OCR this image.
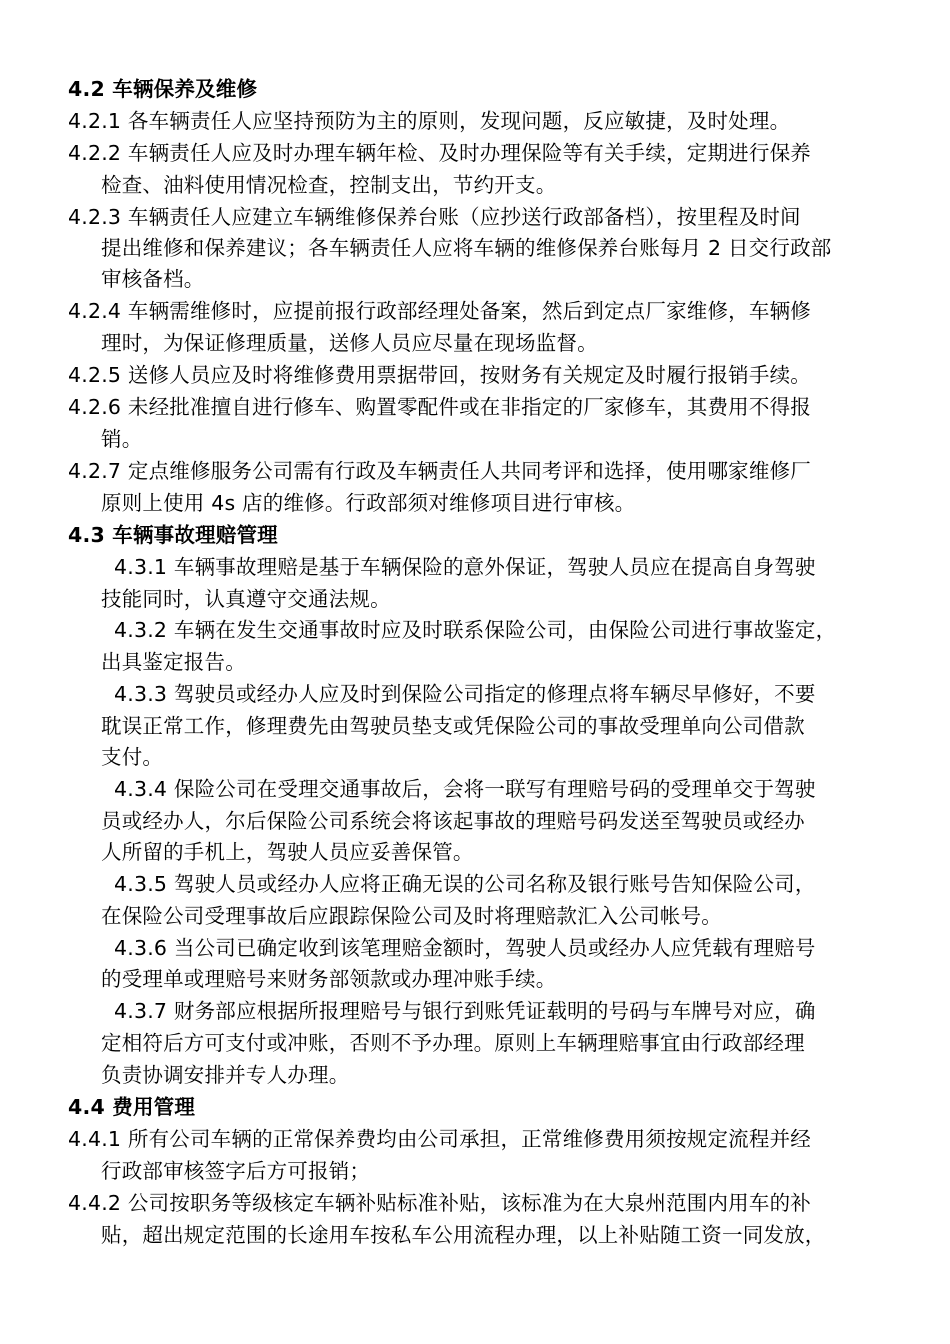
4.2 车辆保养及维修
4.2.1 各车辆责任人应坚持预防为主的原则，发现问题，反应敏捷，及时处理。
4.2.2 车辆责任人应及时办理车辆年检、及时办理保险等有关手续，定期进行保养
检查、油料使用情况检查，控制支出，节约开支。
4.2.3 车辆责任人应建立车辆维修保养台账（应抄送行政部备档），按里程及时间
提出维修和保养建议；各车辆责任人应将车辆的维修保养台账每月 2 日交行政部
审核备档。
4.2.4 车辆需维修时，应提前报行政部经理处备案，然后到定点厂家维修，车辆修
理时，为保证修理质量，送修人员应尽量在现场监督。
4.2.5 送修人员应及时将维修费用票据带回，按财务有关规定及时履行报销手续。
4.2.6 未经批准擅自进行修车、购置零配件或在非指定的厂家修车，其费用不得报
销。
4.2.7 定点维修服务公司需有行政及车辆责任人共同考评和选择，使用哪家维修厂
原则上使用 4s 店的维修。行政部须对维修项目进行审核。
4.3 车辆事故理赔管理
4.3.1 车辆事故理赔是基于车辆保险的意外保证，驾驶人员应在提高自身驾驶
技能同时，认真遵守交通法规。
4.3.2 车辆在发生交通事故时应及时联系保险公司，由保险公司进行事故鉴定，
出具鉴定报告。
4.3.3 驾驶员或经办人应及时到保险公司指定的修理点将车辆尽早修好，不要
耽误正常工作，修理费先由驾驶员垫支或凭保险公司的事故受理单向公司借款
支付。
4.3.4 保险公司在受理交通事故后，会将一联写有理赔号码的受理单交于驾驶
员或经办人，尔后保险公司系统会将该起事故的理赔号码发送至驾驶员或经办
人所留的手机上，驾驶人员应妥善保管。
4.3.5 驾驶人员或经办人应将正确无误的公司名称及银行账号告知保险公司，
在保险公司受理事故后应跟踪保险公司及时将理赔款汇入公司帐号。
4.3.6 当公司已确定收到该笔理赔金额时，驾驶人员或经办人应凭载有理赔号
的受理单或理赔号来财务部领款或办理冲账手续。
4.3.7 财务部应根据所报理赔号与银行到账凭证载明的号码与车牌号对应，确
定相符后方可支付或冲账，否则不予办理。原则上车辆理赔事宜由行政部经理
负责协调安排并专人办理。
4.4 费用管理
4.4.1 所有公司车辆的正常保养费均由公司承担，正常维修费用须按规定流程并经
行政部审核签字后方可报销；
4.4.2 公司按职务等级核定车辆补贴标准补贴，该标准为在大泉州范围内用车的补
贴，超出规定范围的长途用车按私车公用流程办理，以上补贴随工资一同发放，
